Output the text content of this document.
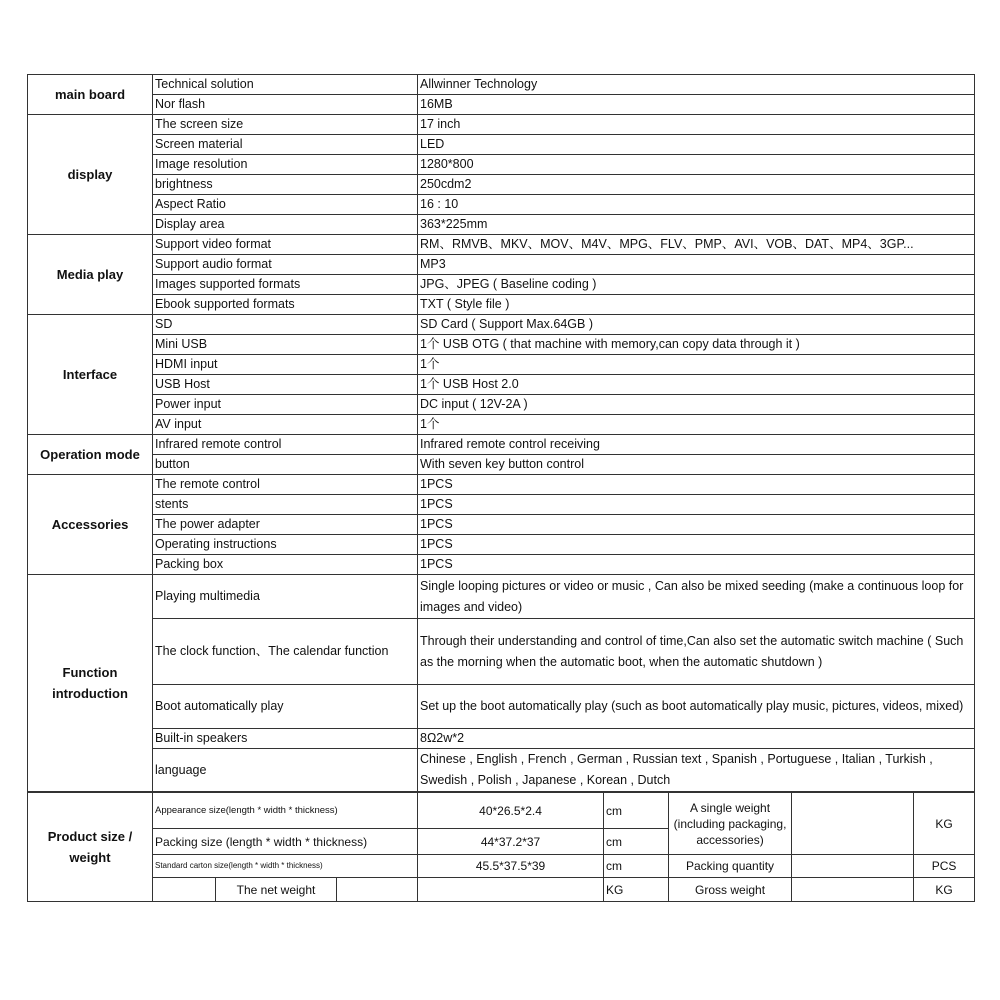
main board	Technical solution	Allwinner Technology
	Nor flash	16MB
display	The screen size	17 inch
	Screen material	LED
	Image resolution	1280*800
	brightness	250cdm2
	Aspect Ratio	16 : 10
	Display area	363*225mm
Media play	Support video format	RM、RMVB、MKV、MOV、M4V、MPG、FLV、PMP、AVI、VOB、DAT、MP4、3GP...
	Support audio format	MP3
	Images supported formats	JPG、JPEG ( Baseline coding )
	Ebook supported formats	TXT ( Style file )
Interface	SD	SD Card ( Support Max.64GB )
	Mini USB	1个 USB OTG ( that machine with memory,can copy data through it )
	HDMI input	1个
	USB Host	1个 USB Host 2.0
	Power input	DC input ( 12V-2A )
	AV input	1个
Operation mode	Infrared remote control	Infrared remote control receiving
	button	With seven key button control
Accessories	The remote control	1PCS
	stents	1PCS
	The power adapter	1PCS
	Operating instructions	1PCS
	Packing box	1PCS
Function introduction	Playing multimedia	Single looping pictures or video or music , Can also be mixed seeding (make a continuous loop for images and video)
	The clock function、The calendar function	Through their understanding and control of time,Can also set the automatic switch machine ( Such as the morning when the automatic boot, when the automatic shutdown )
	Boot automatically play	Set up the boot automatically play (such as boot automatically play music, pictures, videos, mixed)
	Built-in speakers	8Ω2w*2
	language	Chinese , English , French , German , Russian text , Spanish , Portuguese , Italian , Turkish , Swedish , Polish , Japanese , Korean , Dutch
Product size / weight	Appearance size(length * width * thickness)			40*26.5*2.4	cm	A single weight (including packaging, accessories)		KG
	Packing size (length * width * thickness)			44*37.2*37	cm			
	Standard carton size(length * width * thickness)			45.5*37.5*39	cm	Packing quantity		PCS
		The net weight			KG	Gross weight		KG
